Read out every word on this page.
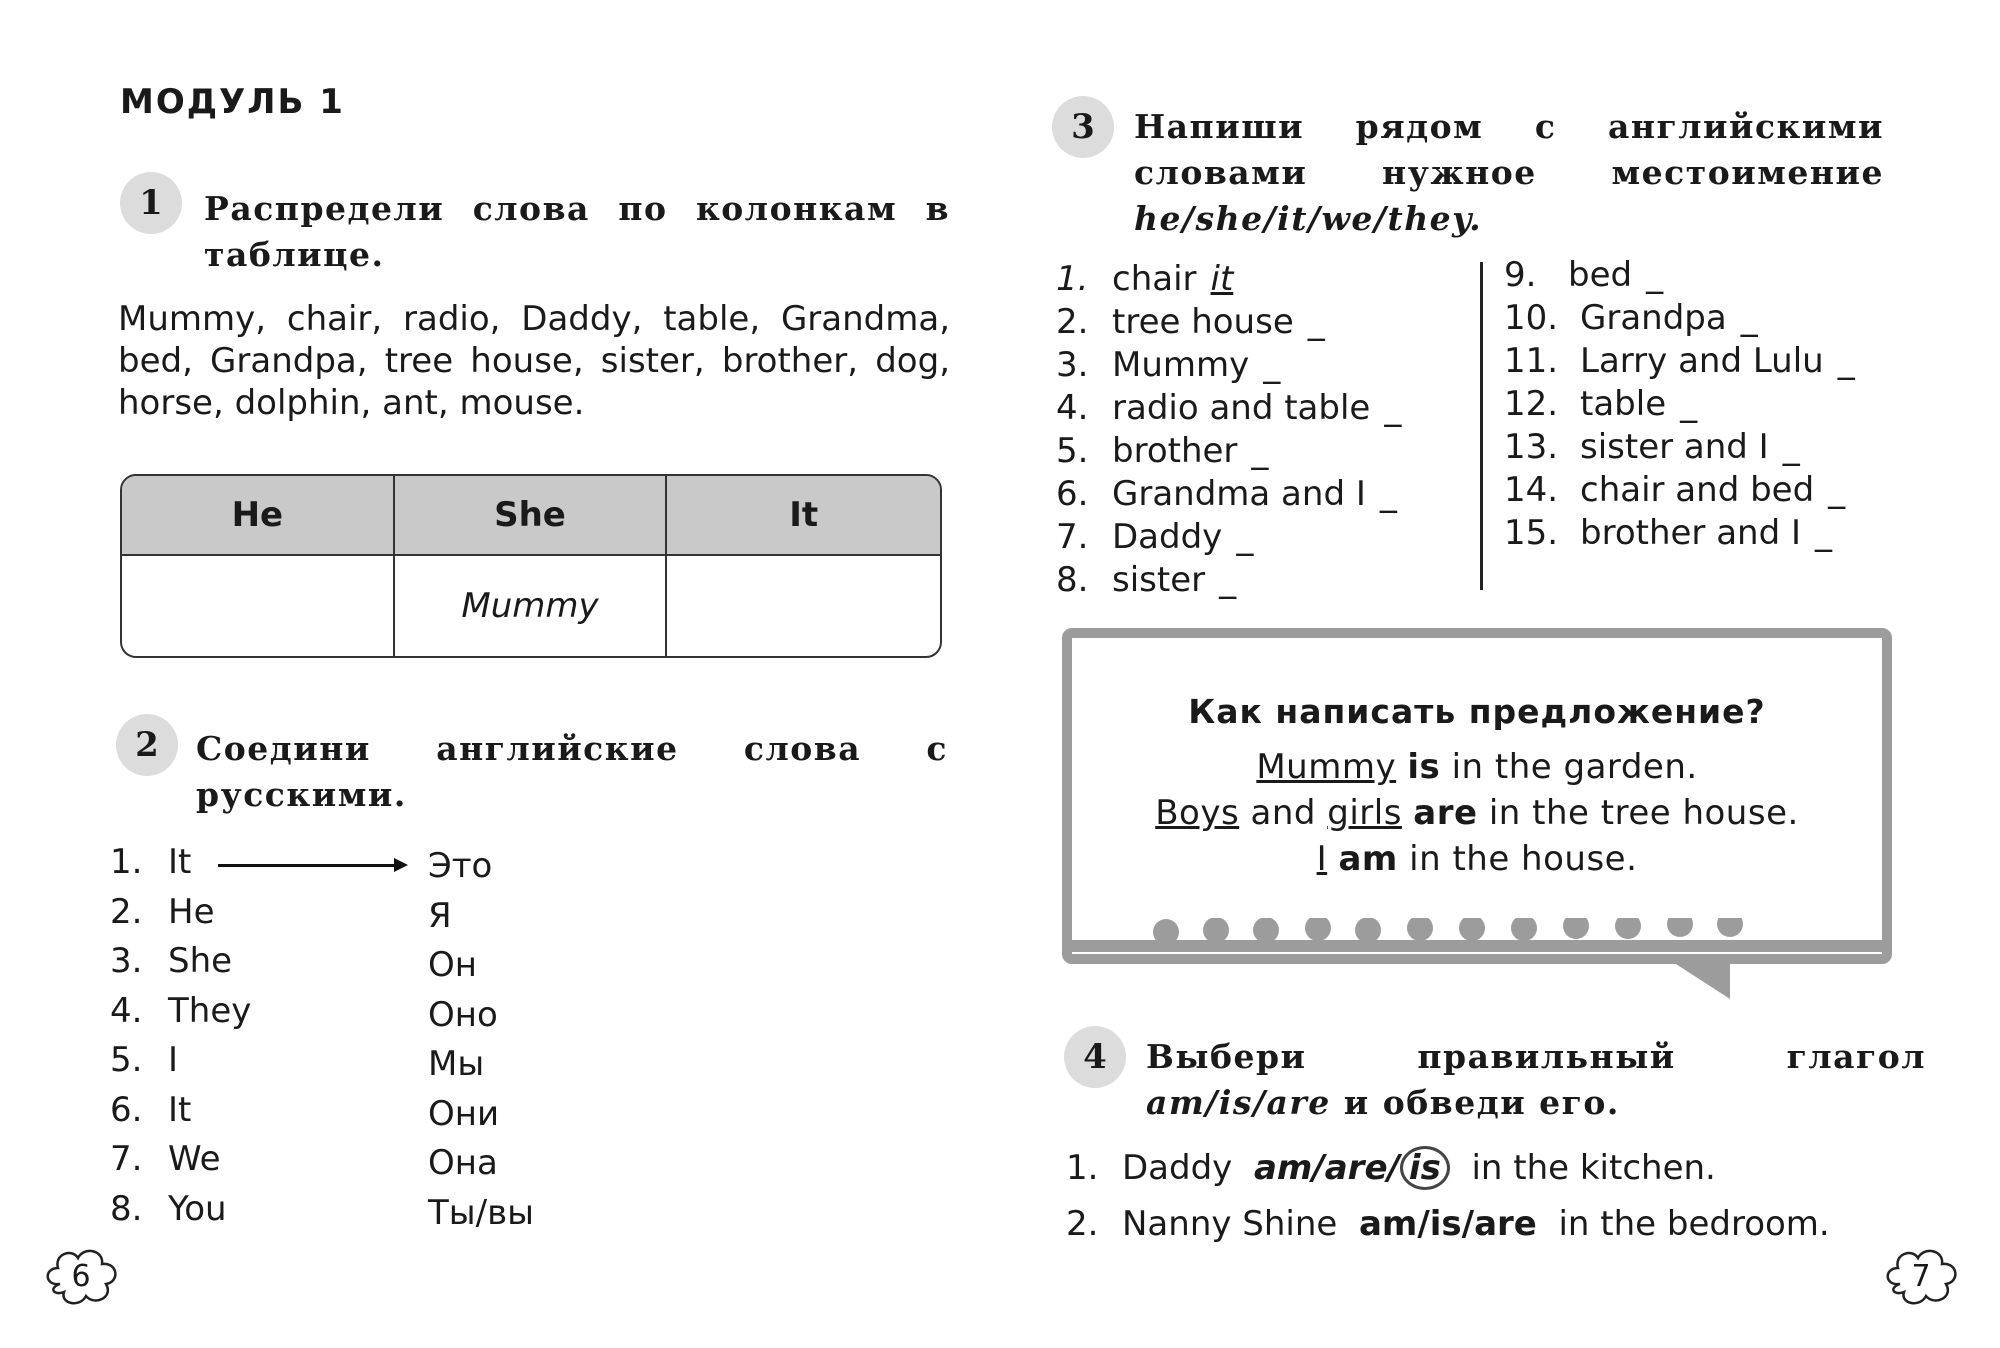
МОДУЛЬ 1
1	Распредели слова по колонкам в таблице.
Mummy, chair, radio, Daddy, table, Grandma, bed, Grandpa, tree house, sister, brother, dog, horse, dolphin, ant, mouse.
He	She	It
	Mummy	
2	Соедини английские слова с русскими.
1. It
2. He
3. She
4. They
5. I
6. It
7. We
8. You
Это
Я
Он
Оно
Мы
Они
Она
Ты/вы
6
3	Напиши рядом с английскими словами нужное местоимение he/she/it/we/they.
1. chair it
2. tree house _
3. Mummy _
4. radio and table _
5. brother _
6. Grandma and I _
7. Daddy _
8. sister _
9. bed _
10. Grandpa _
11. Larry and Lulu _
12. table _
13. sister and I _
14. chair and bed _
15. brother and I _
Как написать предложение?
Mummy is in the garden.
Boys and girls are in the tree house.
I am in the house.
4	Выбери правильный глагол am/is/are и обведи его.
1. Daddy
am/are/ is
in the kitchen.
2. Nanny Shine
am/is/are
in the bedroom.
7
